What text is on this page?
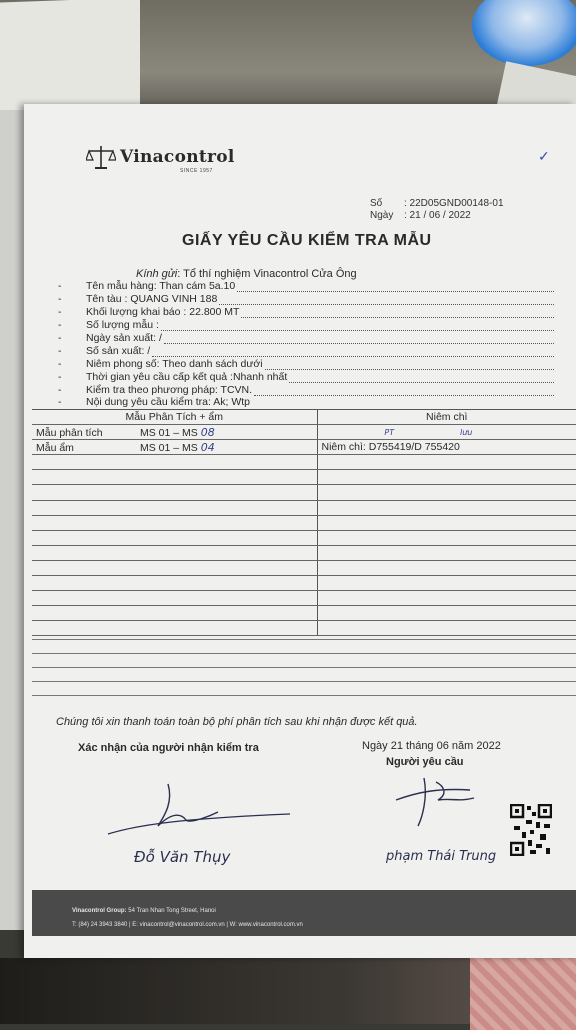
Vinacontrol
SINCE 1957
✓
Số : 22D05GND00148-01
Ngày : 21 / 06 / 2022
GIẤY YÊU CẦU KIỂM TRA MẪU
Kính gửi: Tổ thí nghiệm Vinacontrol Cửa Ông
- Tên mẫu hàng: Than cám 5a.10
- Tên tàu : QUANG VINH 188
- Khối lượng khai báo : 22.800 MT
- Số lượng mẫu :
- Ngày sản xuất: /
- Số sản xuất: /
- Niêm phong số: Theo danh sách dưới
- Thời gian yêu cầu cấp kết quả :Nhanh nhất
- Kiểm tra theo phương pháp: TCVN.
- Nội dung yêu cầu kiểm tra: Ak; Wtp
Mẫu Phân Tích + ẩm	Niêm chì
Mẫu phân tích MS 01 – MS 08	PT lưu
Mẫu ẩm MS 01 – MS 04	Niêm chì: D755419/D 755420

Chúng tôi xin thanh toán toàn bộ phí phân tích sau khi nhận được kết quả.
Xác nhận của người nhận kiểm tra	Ngày 21 tháng 06 năm 2022
Người yêu cầu
Đỗ Văn Thụy	phạm Thái Trung
Vinacontrol Group: 54 Tran Nhan Tong Street, Hanoi
T: (84) 24 3943 3840 | E: vinacontrol@vinacontrol.com.vn | W: www.vinacontrol.com.vn
